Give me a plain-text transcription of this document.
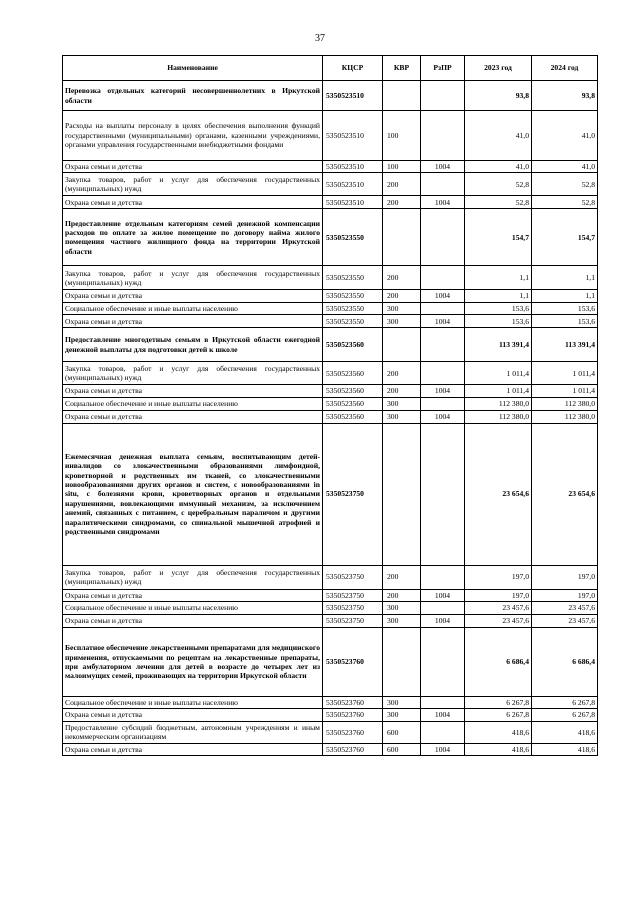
37
Наименование	КЦСР	КВР	РзПР	2023 год	2024 год
Перевозка отдельных категорий несовершеннолетних в Иркутской области	5350523510			93,8	93,8
Расходы на выплаты персоналу в целях обеспечения выполнения функций государственными (муниципальными) органами, казенными учреждениями, органами управления государственными внебюджетными фондами	5350523510	100		41,0	41,0
Охрана семьи и детства	5350523510	100	1004	41,0	41,0
Закупка товаров, работ и услуг для обеспечения государственных (муниципальных) нужд	5350523510	200		52,8	52,8
Охрана семьи и детства	5350523510	200	1004	52,8	52,8
Предоставление отдельным категориям семей денежной компенсации расходов по оплате за жилое помещение по договору найма жилого помещения частного жилищного фонда на территории Иркутской области	5350523550			154,7	154,7
Закупка товаров, работ и услуг для обеспечения государственных (муниципальных) нужд	5350523550	200		1,1	1,1
Охрана семьи и детства	5350523550	200	1004	1,1	1,1
Социальное обеспечение и иные выплаты населению	5350523550	300		153,6	153,6
Охрана семьи и детства	5350523550	300	1004	153,6	153,6
Предоставление многодетным семьям в Иркутской области ежегодной денежной выплаты для подготовки детей к школе	5350523560			113 391,4	113 391,4
Закупка товаров, работ и услуг для обеспечения государственных (муниципальных) нужд	5350523560	200		1 011,4	1 011,4
Охрана семьи и детства	5350523560	200	1004	1 011,4	1 011,4
Социальное обеспечение и иные выплаты населению	5350523560	300		112 380,0	112 380,0
Охрана семьи и детства	5350523560	300	1004	112 380,0	112 380,0
Ежемесячная денежная выплата семьям, воспитывающим детей-инвалидов со злокачественными образованиями лимфоидной, кроветворной и родственных им тканей, со злокачественными новообразованиями других органов и систем, с новообразованиями in situ, с болезнями крови, кроветворных органов и отдельными нарушениями, вовлекающими иммунный механизм, за исключением анемий, связанных с питанием, с церебральным параличом и другими паралитическими синдромами, со спинальной мышечной атрофией и родственными синдромами	5350523750			23 654,6	23 654,6
Закупка товаров, работ и услуг для обеспечения государственных (муниципальных) нужд	5350523750	200		197,0	197,0
Охрана семьи и детства	5350523750	200	1004	197,0	197,0
Социальное обеспечение и иные выплаты населению	5350523750	300		23 457,6	23 457,6
Охрана семьи и детства	5350523750	300	1004	23 457,6	23 457,6
Бесплатное обеспечение лекарственными препаратами для медицинского применения, отпускаемыми по рецептам на лекарственные препараты, при амбулаторном лечении для детей в возрасте до четырех лет из малоимущих семей, проживающих на территории Иркутской области	5350523760			6 686,4	6 686,4
Социальное обеспечение и иные выплаты населению	5350523760	300		6 267,8	6 267,8
Охрана семьи и детства	5350523760	300	1004	6 267,8	6 267,8
Предоставление субсидий бюджетным, автономным учреждениям и иным некоммерческим организациям	5350523760	600		418,6	418,6
Охрана семьи и детства	5350523760	600	1004	418,6	418,6
